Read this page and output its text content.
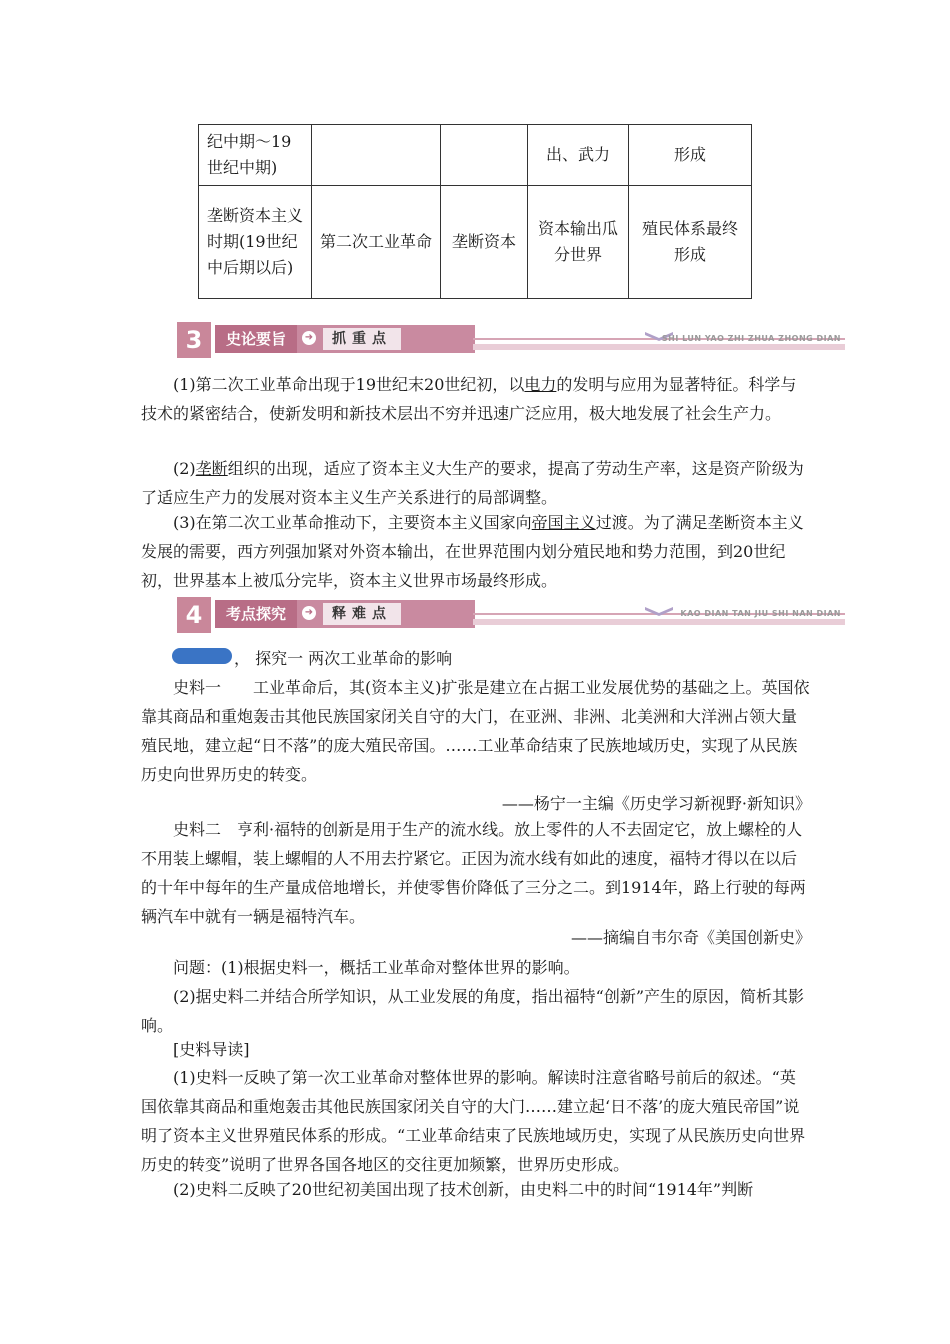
纪中期～19世纪中期)			出、武力	形成
垄断资本主义时期(19世纪中后期以后)	第二次工业革命	垄断资本	资本输出瓜分世界	殖民体系最终形成
3	史论要旨	➜	抓重点	SHI LUN YAO ZHI ZHUA ZHONG DIAN
(1)第二次工业革命出现于19世纪末20世纪初，以电力的发明与应用为显著特征。科学与技术的紧密结合，使新发明和新技术层出不穷并迅速广泛应用，极大地发展了社会生产力。
(2)垄断组织的出现，适应了资本主义大生产的要求，提高了劳动生产率，这是资产阶级为了适应生产力的发展对资本主义生产关系进行的局部调整。
(3)在第二次工业革命推动下，主要资本主义国家向帝国主义过渡。为了满足垄断资本主义发展的需要，西方列强加紧对外资本输出，在世界范围内划分殖民地和势力范围，到20世纪初，世界基本上被瓜分完毕，资本主义世界市场最终形成。
4	考点探究	➜	释难点	KAO DIAN TAN JIU SHI NAN DIAN
， 探究一 两次工业革命的影响
史料一　　工业革命后，其(资本主义)扩张是建立在占据工业发展优势的基础之上。英国依靠其商品和重炮轰击其他民族国家闭关自守的大门，在亚洲、非洲、北美洲和大洋洲占领大量殖民地，建立起“日不落”的庞大殖民帝国。……工业革命结束了民族地域历史，实现了从民族历史向世界历史的转变。
——杨宁一主编《历史学习新视野·新知识》
史料二　亨利·福特的创新是用于生产的流水线。放上零件的人不去固定它，放上螺栓的人不用装上螺帽，装上螺帽的人不用去拧紧它。正因为流水线有如此的速度，福特才得以在以后的十年中每年的生产量成倍地增长，并使零售价降低了三分之二。到1914年，路上行驶的每两辆汽车中就有一辆是福特汽车。
——摘编自韦尔奇《美国创新史》
问题：(1)根据史料一，概括工业革命对整体世界的影响。
(2)据史料二并结合所学知识，从工业发展的角度，指出福特“创新”产生的原因，简析其影响。
[史料导读]
(1)史料一反映了第一次工业革命对整体世界的影响。解读时注意省略号前后的叙述。“英国依靠其商品和重炮轰击其他民族国家闭关自守的大门……建立起‘日不落’的庞大殖民帝国”说明了资本主义世界殖民体系的形成。“工业革命结束了民族地域历史，实现了从民族历史向世界历史的转变”说明了世界各国各地区的交往更加频繁，世界历史形成。
(2)史料二反映了20世纪初美国出现了技术创新，由史料二中的时间“1914年”判断
